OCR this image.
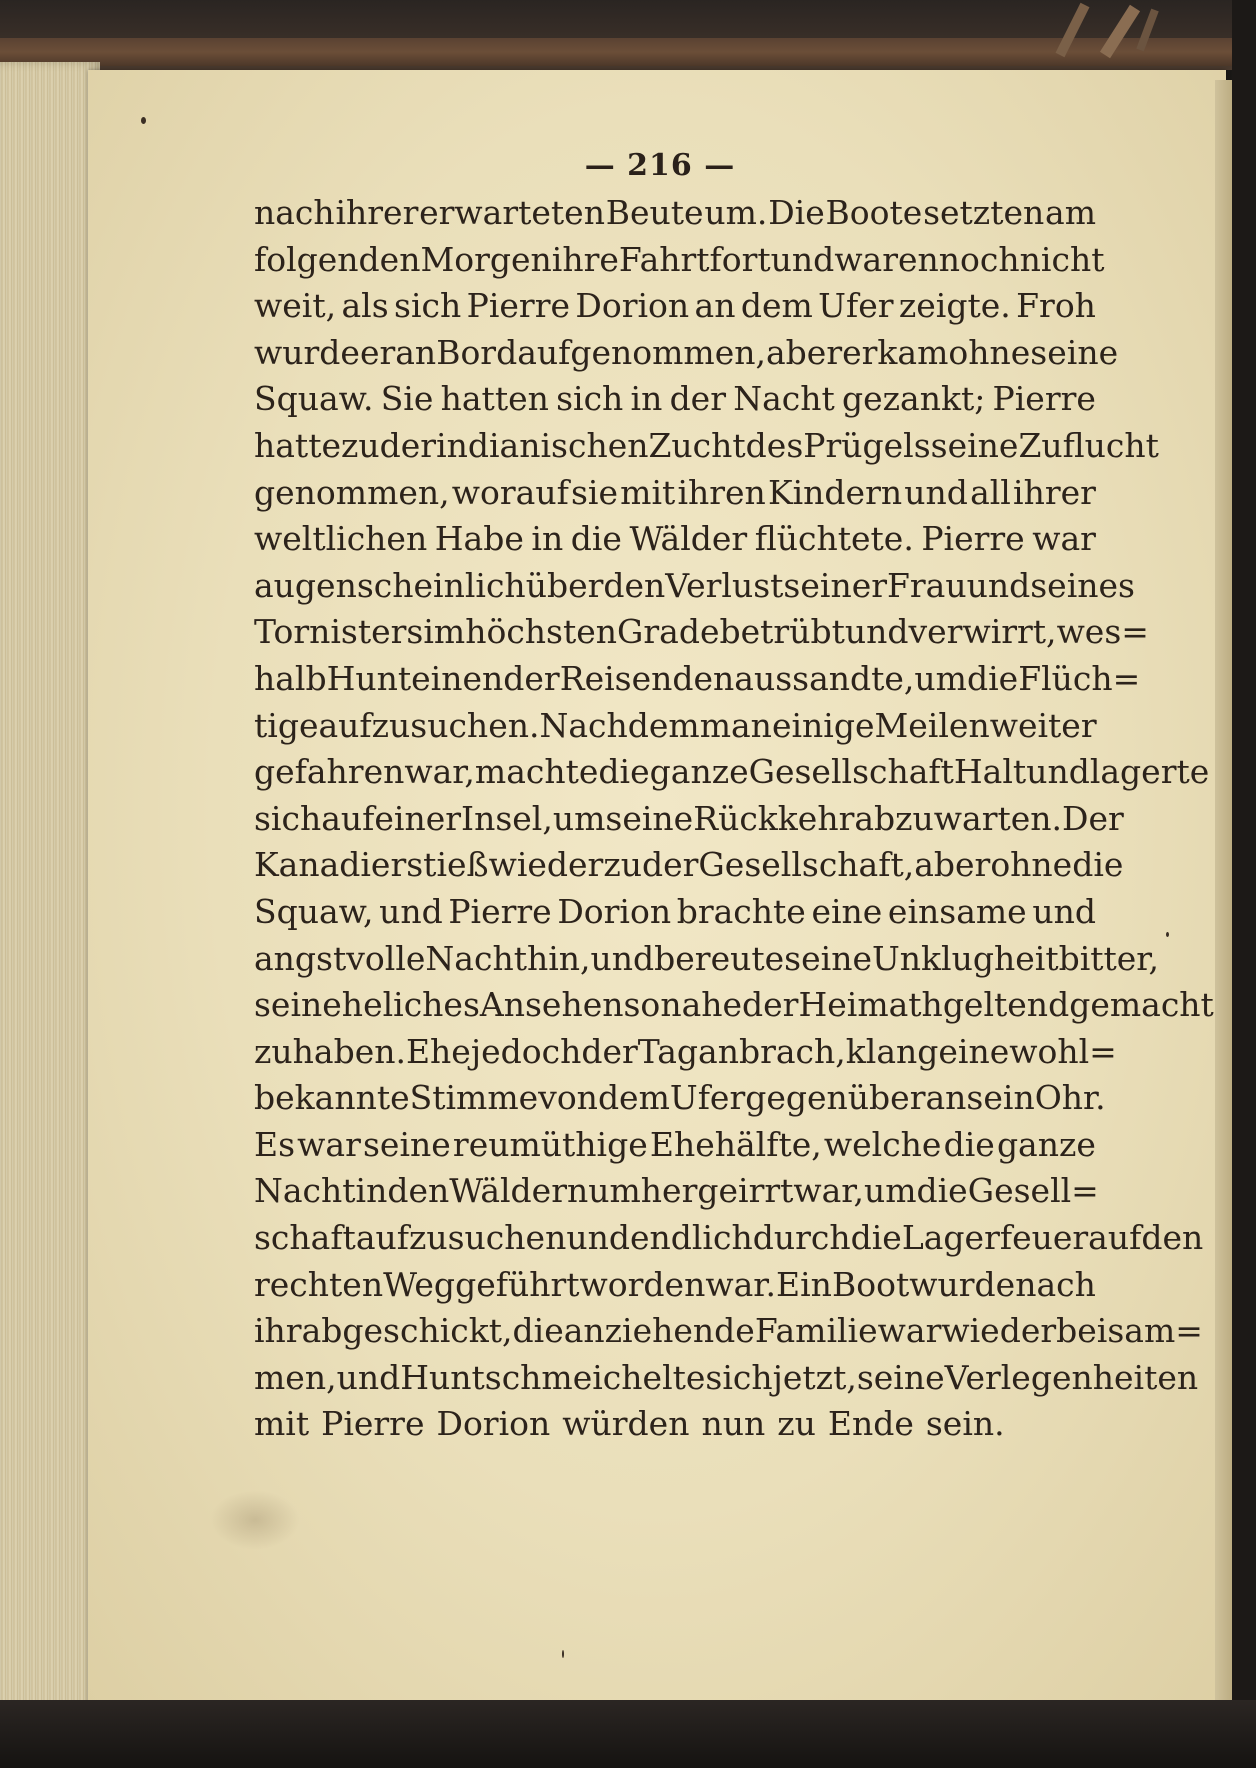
— 216 —
nach ihrer erwarteten Beute um. Die Boote setzten am
folgenden Morgen ihre Fahrt fort und waren noch nicht
weit, als sich Pierre Dorion an dem Ufer zeigte. Froh
wurde er an Bord aufgenommen, aber er kam ohne seine
Squaw. Sie hatten sich in der Nacht gezankt; Pierre
hatte zu der indianischen Zucht des Prügels seine Zuflucht
genommen, worauf sie mit ihren Kindern und all ihrer
weltlichen Habe in die Wälder flüchtete. Pierre war
augenscheinlich über den Verlust seiner Frau und seines
Tornisters im höchsten Grade betrübt und verwirrt, wes=
halb Hunt einen der Reisenden aussandte, um die Flüch=
tige aufzusuchen. Nachdem man einige Meilen weiter
gefahren war, machte die ganze Gesellschaft Halt und lagerte
sich auf einer Insel, um seine Rückkehr abzuwarten. Der
Kanadier stieß wieder zu der Gesellschaft, aber ohne die
Squaw, und Pierre Dorion brachte eine einsame und
angstvolle Nacht hin, und bereute seine Unklugheit bitter,
sein eheliches Ansehen so nahe der Heimath geltend gemacht
zu haben. Ehe jedoch der Tag anbrach, klang eine wohl=
bekannte Stimme von dem Ufer gegenüber an sein Ohr.
Es war seine reumüthige Ehehälfte, welche die ganze
Nacht in den Wäldern umher geirrt war, um die Gesell=
schaft aufzusuchen und endlich durch die Lagerfeuer auf den
rechten Weg geführt worden war. Ein Boot wurde nach
ihr abgeschickt, die anziehende Familie war wieder beisam=
men, und Hunt schmeichelte sich jetzt, seine Verlegenheiten
mit Pierre Dorion würden nun zu Ende sein.
